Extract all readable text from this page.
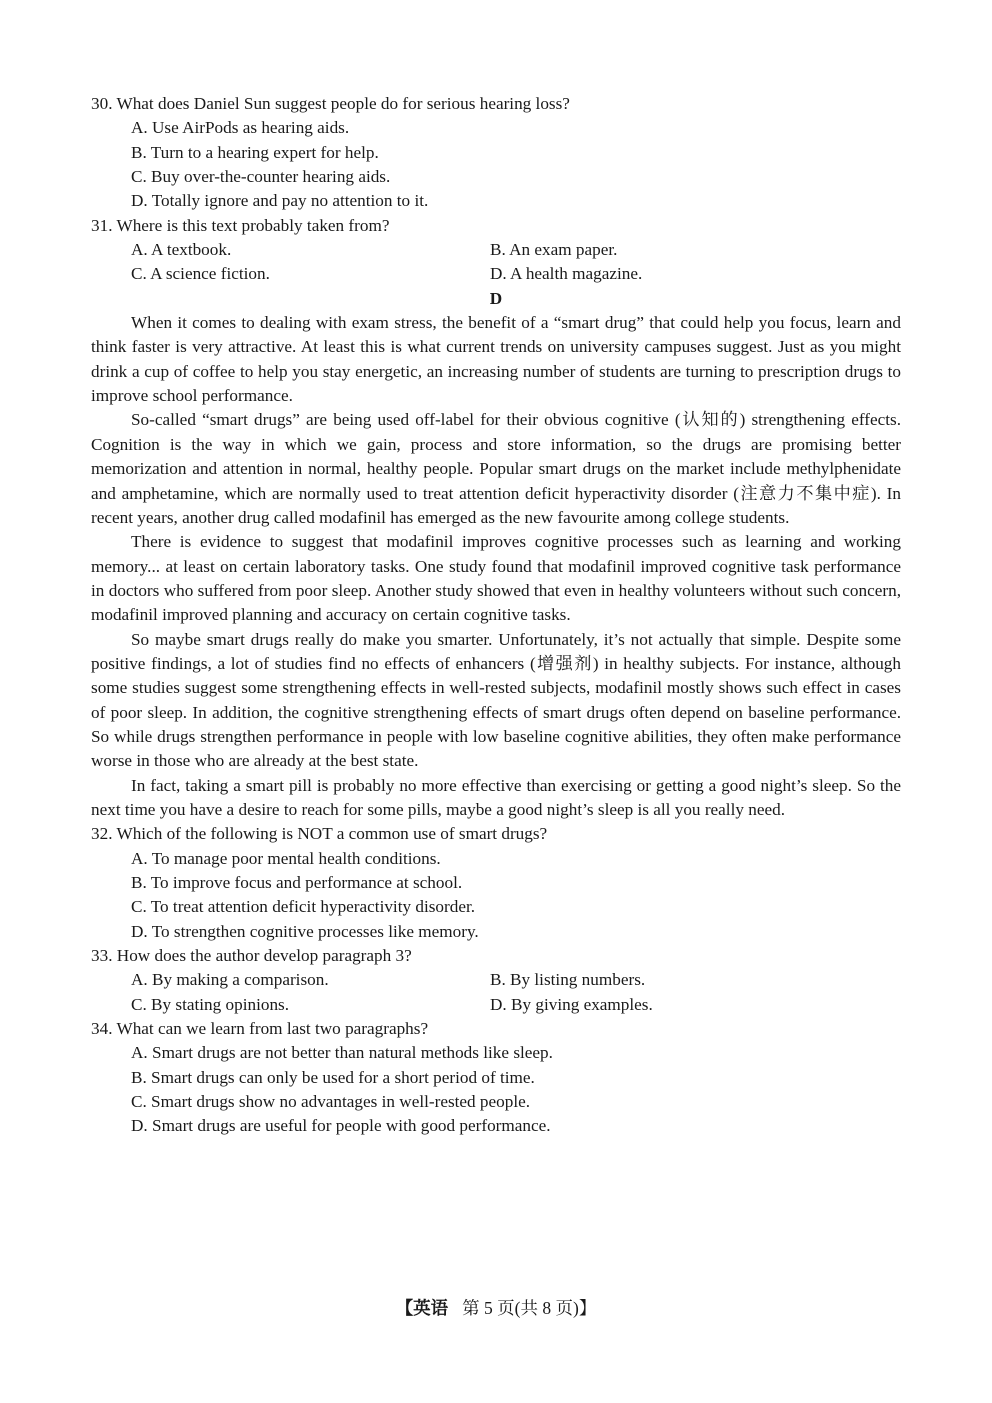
30. What does Daniel Sun suggest people do for serious hearing loss?
A. Use AirPods as hearing aids.
B. Turn to a hearing expert for help.
C. Buy over-the-counter hearing aids.
D. Totally ignore and pay no attention to it.
31. Where is this text probably taken from?
A. A textbook.	B. An exam paper.
C. A science fiction.	D. A health magazine.
D

When it comes to dealing with exam stress, the benefit of a “smart drug” that could help you focus, learn and think faster is very attractive. At least this is what current trends on university campuses suggest. Just as you might drink a cup of coffee to help you stay energetic, an increasing number of students are turning to prescription drugs to improve school performance.

So-called “smart drugs” are being used off-label for their obvious cognitive (认知的) strengthening effects. Cognition is the way in which we gain, process and store information, so the drugs are promising better memorization and attention in normal, healthy people. Popular smart drugs on the market include methylphenidate and amphetamine, which are normally used to treat attention deficit hyperactivity disorder (注意力不集中症). In recent years, another drug called modafinil has emerged as the new favourite among college students.

There is evidence to suggest that modafinil improves cognitive processes such as learning and working memory... at least on certain laboratory tasks. One study found that modafinil improved cognitive task performance in doctors who suffered from poor sleep. Another study showed that even in healthy volunteers without such concern, modafinil improved planning and accuracy on certain cognitive tasks.

So maybe smart drugs really do make you smarter. Unfortunately, it’s not actually that simple. Despite some positive findings, a lot of studies find no effects of enhancers (增强剂) in healthy subjects. For instance, although some studies suggest some strengthening effects in well-rested subjects, modafinil mostly shows such effect in cases of poor sleep. In addition, the cognitive strengthening effects of smart drugs often depend on baseline performance. So while drugs strengthen performance in people with low baseline cognitive abilities, they often make performance worse in those who are already at the best state.

In fact, taking a smart pill is probably no more effective than exercising or getting a good night’s sleep. So the next time you have a desire to reach for some pills, maybe a good night’s sleep is all you really need.

32. Which of the following is NOT a common use of smart drugs?
A. To manage poor mental health conditions.
B. To improve focus and performance at school.
C. To treat attention deficit hyperactivity disorder.
D. To strengthen cognitive processes like memory.
33. How does the author develop paragraph 3?
A. By making a comparison.	B. By listing numbers.
C. By stating opinions.	D. By giving examples.
34. What can we learn from last two paragraphs?
A. Smart drugs are not better than natural methods like sleep.
B. Smart drugs can only be used for a short period of time.
C. Smart drugs show no advantages in well-rested people.
D. Smart drugs are useful for people with good performance.
【英语 第 5 页(共 8 页)】
